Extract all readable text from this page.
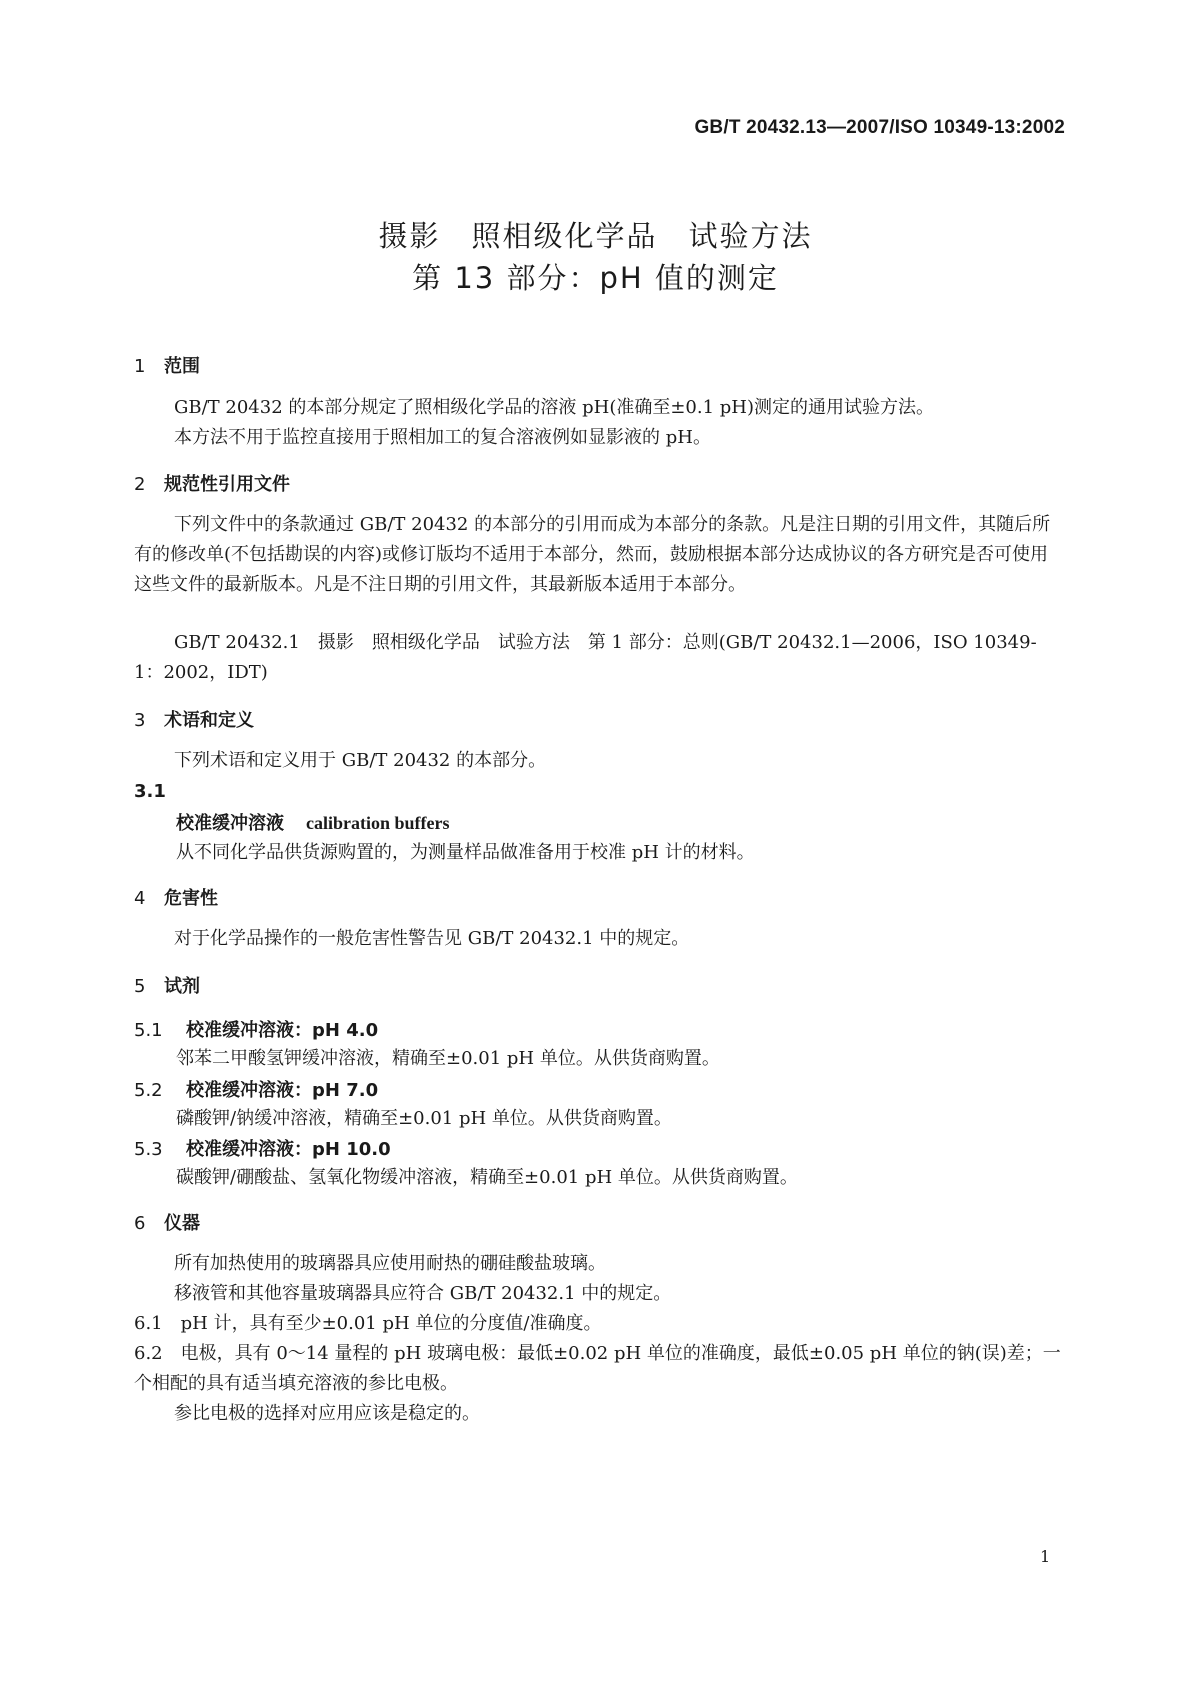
GB/T 20432.13—2007/ISO 10349-13:2002
摄影　照相级化学品　试验方法
第 13 部分：pH 值的测定
1 范围
GB/T 20432 的本部分规定了照相级化学品的溶液 pH(准确至±0.1 pH)测定的通用试验方法。
本方法不用于监控直接用于照相加工的复合溶液例如显影液的 pH。
2 规范性引用文件
下列文件中的条款通过 GB/T 20432 的本部分的引用而成为本部分的条款。凡是注日期的引用文件，其随后所有的修改单(不包括勘误的内容)或修订版均不适用于本部分，然而，鼓励根据本部分达成协议的各方研究是否可使用这些文件的最新版本。凡是不注日期的引用文件，其最新版本适用于本部分。
GB/T 20432.1　摄影　照相级化学品　试验方法　第 1 部分：总则(GB/T 20432.1—2006，ISO 10349-1：2002，IDT)
3 术语和定义
下列术语和定义用于 GB/T 20432 的本部分。
3.1
校准缓冲溶液 calibration buffers
从不同化学品供货源购置的，为测量样品做准备用于校准 pH 计的材料。
4 危害性
对于化学品操作的一般危害性警告见 GB/T 20432.1 中的规定。
5 试剂
5.1 校准缓冲溶液：pH 4.0
邻苯二甲酸氢钾缓冲溶液，精确至±0.01 pH 单位。从供货商购置。
5.2 校准缓冲溶液：pH 7.0
磷酸钾/钠缓冲溶液，精确至±0.01 pH 单位。从供货商购置。
5.3 校准缓冲溶液：pH 10.0
碳酸钾/硼酸盐、氢氧化物缓冲溶液，精确至±0.01 pH 单位。从供货商购置。
6 仪器
所有加热使用的玻璃器具应使用耐热的硼硅酸盐玻璃。
移液管和其他容量玻璃器具应符合 GB/T 20432.1 中的规定。
6.1　pH 计，具有至少±0.01 pH 单位的分度值/准确度。
6.2　电极，具有 0～14 量程的 pH 玻璃电极：最低±0.02 pH 单位的准确度，最低±0.05 pH 单位的钠(误)差；一个相配的具有适当填充溶液的参比电极。
参比电极的选择对应用应该是稳定的。
1
